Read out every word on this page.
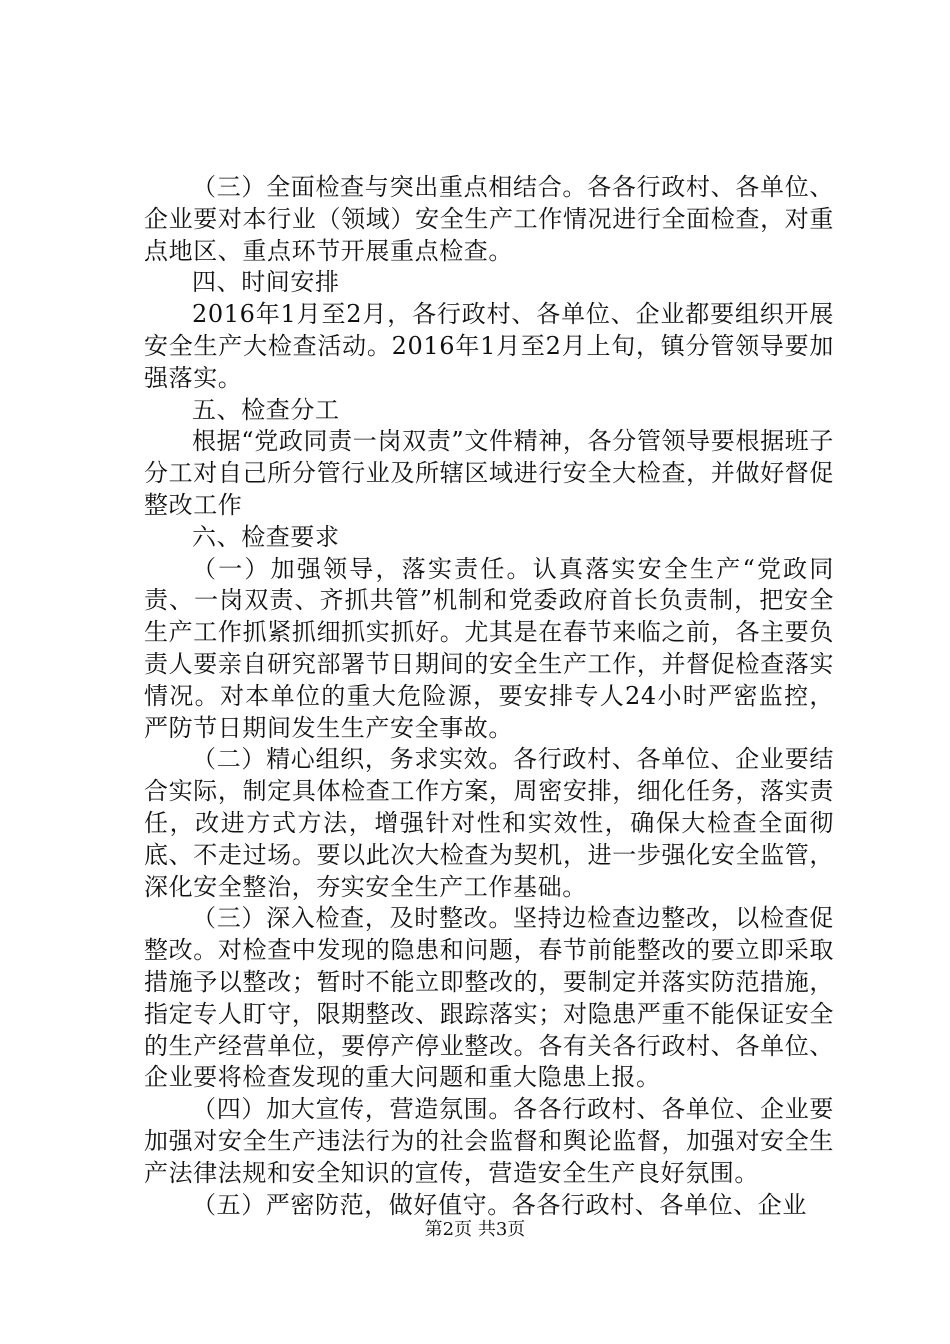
（三）全面检查与突出重点相结合。各各行政村、各单位、企业要对本行业（领域）安全生产工作情况进行全面检查，对重点地区、重点环节开展重点检查。

四、时间安排

2016年1月至2月，各行政村、各单位、企业都要组织开展安全生产大检查活动。2016年1月至2月上旬，镇分管领导要加强落实。

五、检查分工

根据“党政同责一岗双责”文件精神，各分管领导要根据班子分工对自己所分管行业及所辖区域进行安全大检查，并做好督促整改工作

六、检查要求

（一）加强领导，落实责任。认真落实安全生产“党政同责、一岗双责、齐抓共管”机制和党委政府首长负责制，把安全生产工作抓紧抓细抓实抓好。尤其是在春节来临之前，各主要负责人要亲自研究部署节日期间的安全生产工作，并督促检查落实情况。对本单位的重大危险源，要安排专人24小时严密监控，严防节日期间发生生产安全事故。

（二）精心组织，务求实效。各行政村、各单位、企业要结合实际，制定具体检查工作方案，周密安排，细化任务，落实责任，改进方式方法，增强针对性和实效性，确保大检查全面彻底、不走过场。要以此次大检查为契机，进一步强化安全监管，深化安全整治，夯实安全生产工作基础。

（三）深入检查，及时整改。坚持边检查边整改，以检查促整改。对检查中发现的隐患和问题，春节前能整改的要立即采取措施予以整改；暂时不能立即整改的，要制定并落实防范措施，指定专人盯守，限期整改、跟踪落实；对隐患严重不能保证安全的生产经营单位，要停产停业整改。各有关各行政村、各单位、企业要将检查发现的重大问题和重大隐患上报。

（四）加大宣传，营造氛围。各各行政村、各单位、企业要加强对安全生产违法行为的社会监督和舆论监督，加强对安全生产法律法规和安全知识的宣传，营造安全生产良好氛围。

（五）严密防范，做好值守。各各行政村、各单位、企业

第2页 共3页
